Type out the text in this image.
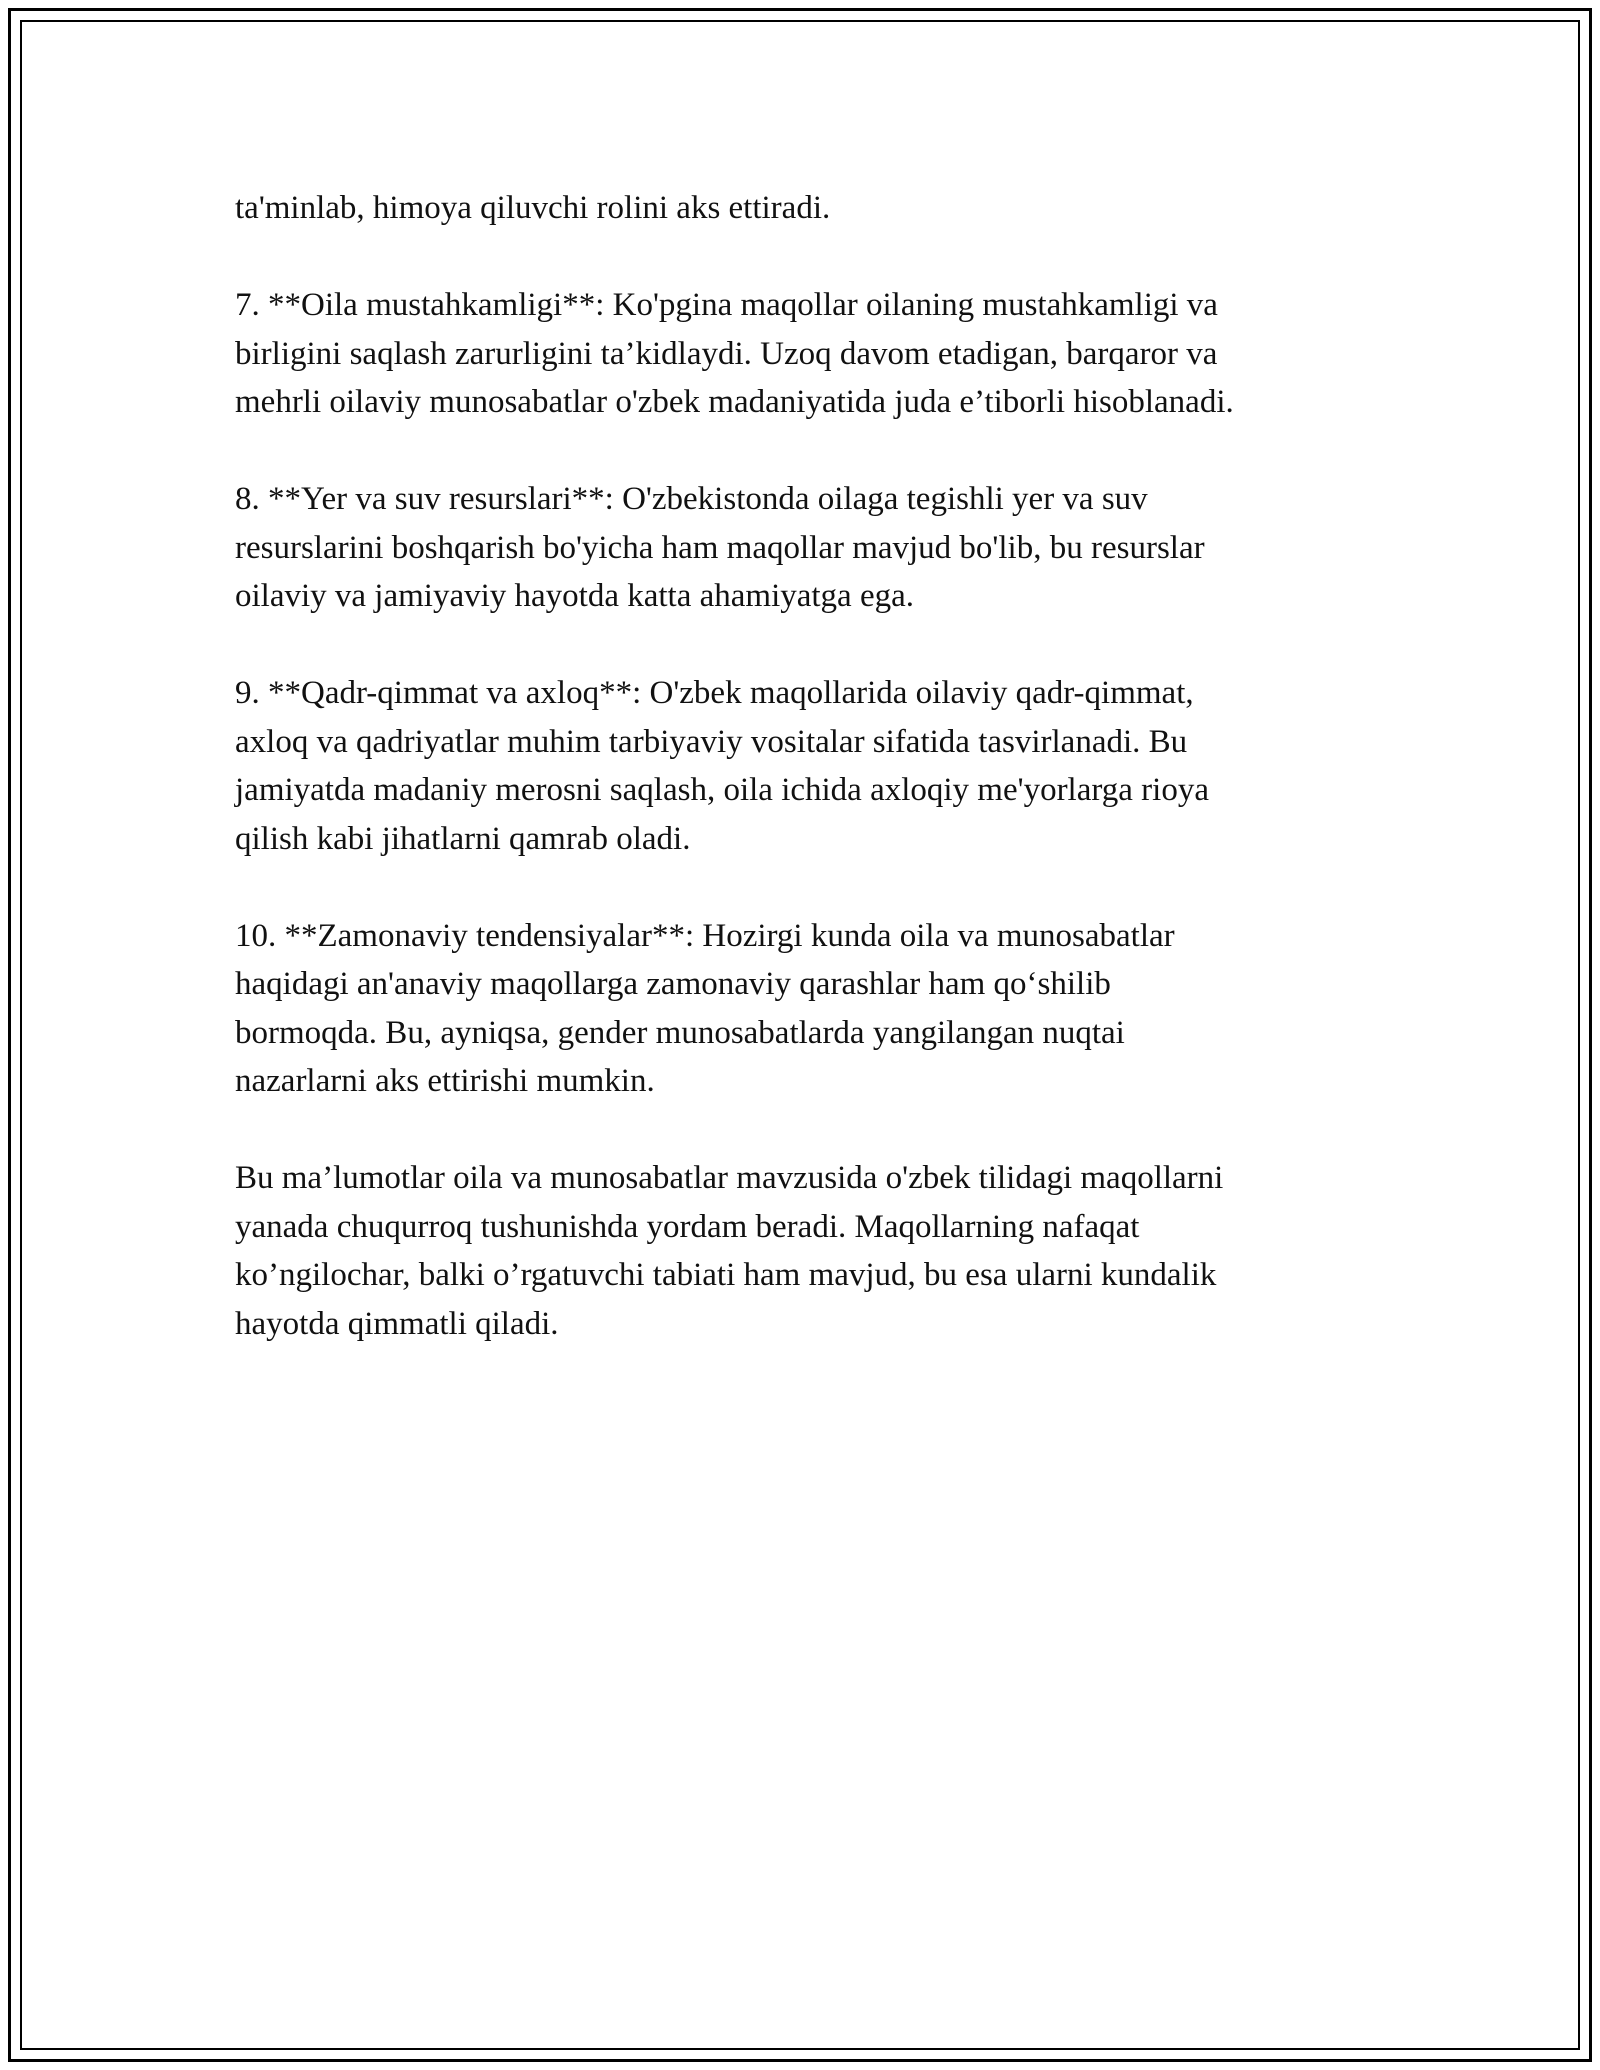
ta'minlab, himoya qiluvchi rolini aks ettiradi.

7. **Oila mustahkamligi**: Ko'pgina maqollar oilaning mustahkamligi va
birligini saqlash zarurligini ta’kidlaydi. Uzoq davom etadigan, barqaror va
mehrli oilaviy munosabatlar o'zbek madaniyatida juda e’tiborli hisoblanadi.

8. **Yer va suv resurslari**: O'zbekistonda oilaga tegishli yer va suv
resurslarini boshqarish bo'yicha ham maqollar mavjud bo'lib, bu resurslar
oilaviy va jamiyaviy hayotda katta ahamiyatga ega.

9. **Qadr-qimmat va axloq**: O'zbek maqollarida oilaviy qadr-qimmat,
axloq va qadriyatlar muhim tarbiyaviy vositalar sifatida tasvirlanadi. Bu
jamiyatda madaniy merosni saqlash, oila ichida axloqiy me'yorlarga rioya
qilish kabi jihatlarni qamrab oladi.

10. **Zamonaviy tendensiyalar**: Hozirgi kunda oila va munosabatlar
haqidagi an'anaviy maqollarga zamonaviy qarashlar ham qo‘shilib
bormoqda. Bu, ayniqsa, gender munosabatlarda yangilangan nuqtai
nazarlarni aks ettirishi mumkin.

Bu ma’lumotlar oila va munosabatlar mavzusida o'zbek tilidagi maqollarni
yanada chuqurroq tushunishda yordam beradi. Maqollarning nafaqat
ko’ngilochar, balki o’rgatuvchi tabiati ham mavjud, bu esa ularni kundalik
hayotda qimmatli qiladi.
